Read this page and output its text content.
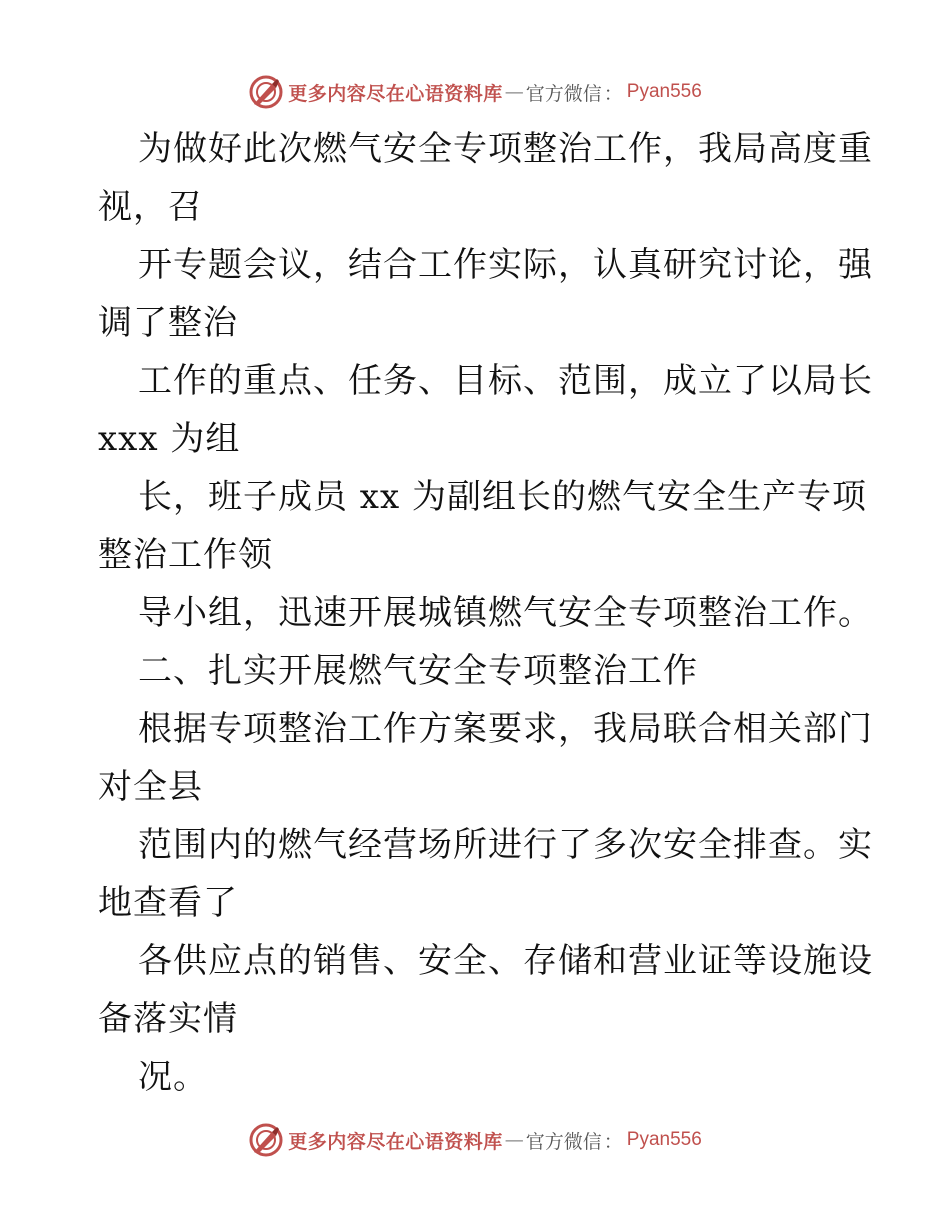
更多内容尽在心语资料库 — 官方微信 ： Pyan556
为做好此次燃气安全专项整治工作，我局高度重
视，召
开专题会议，结合工作实际，认真研究讨论，强
调了整治
工作的重点、任务、目标、范围，成立了以局长
xxx 为组
长，班子成员 xx 为副组长的燃气安全生产专项
整治工作领
导小组，迅速开展城镇燃气安全专项整治工作。
二、扎实开展燃气安全专项整治工作
根据专项整治工作方案要求，我局联合相关部门
对全县
范围内的燃气经营场所进行了多次安全排查。实
地查看了
各供应点的销售、安全、存储和营业证等设施设
备落实情
况。
更多内容尽在心语资料库 — 官方微信 ： Pyan556
